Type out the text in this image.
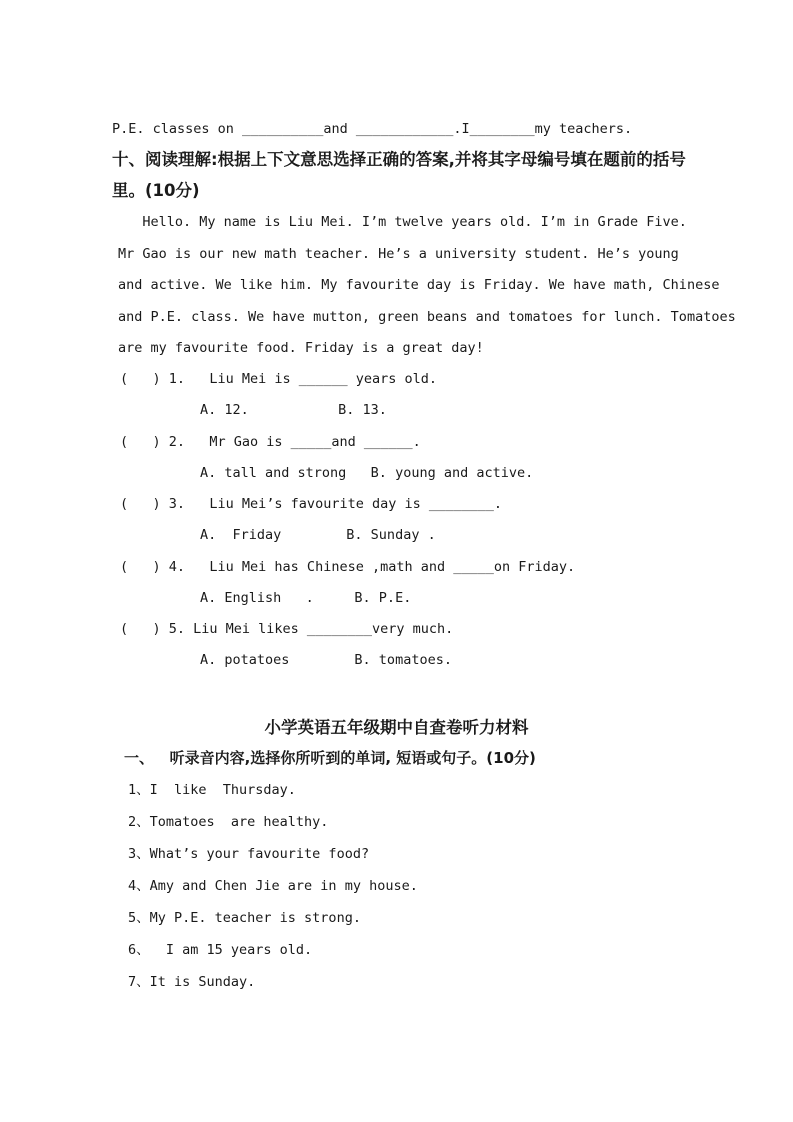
P.E. classes on __________and ____________.I________my teachers.
十、阅读理解:根据上下文意思选择正确的答案,并将其字母编号填在题前的括号
里。(10分)
Hello. My name is Liu Mei. I’m twelve years old. I’m in Grade Five.
Mr Gao is our new math teacher. He’s a university student. He’s young
and active. We like him. My favourite day is Friday. We have math, Chinese
and P.E. class. We have mutton, green beans and tomatoes for lunch. Tomatoes
are my favourite food. Friday is a great day!
(   ) 1.   Liu Mei is ______ years old.
A. 12.           B. 13.
(   ) 2.   Mr Gao is _____and ______.
A. tall and strong   B. young and active.
(   ) 3.   Liu Mei’s favourite day is ________.
A.  Friday        B. Sunday .
(   ) 4.   Liu Mei has Chinese ,math and _____on Friday.
A. English   .     B. P.E.
(   ) 5. Liu Mei likes ________very much.
A. potatoes        B. tomatoes.
小学英语五年级期中自查卷听力材料
一、   听录音内容,选择你所听到的单词, 短语或句子。(10分)
1、I  like  Thursday.
2、Tomatoes  are healthy.
3、What’s your favourite food?
4、Amy and Chen Jie are in my house.
5、My P.E. teacher is strong.
6、  I am 15 years old.
7、It is Sunday.
